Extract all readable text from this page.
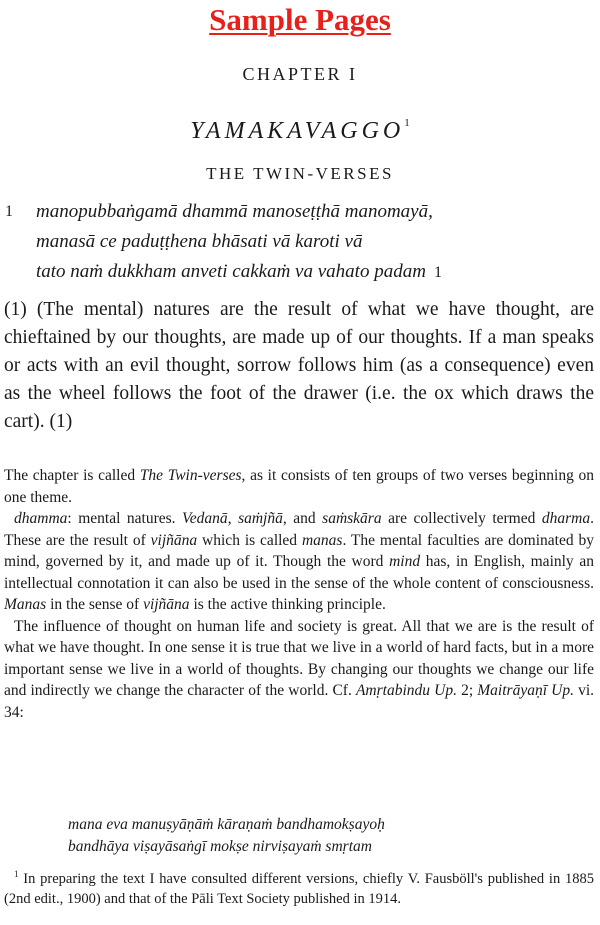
Sample Pages
CHAPTER I
YAMAKAVAGGO$^1$
THE TWIN-VERSES
1 manopubbaṅgamā dhammā manoseṭṭhā manomayā,
manasā ce paduṭṭhena bhāsati vā karoti vā
tato naṁ dukkham anveti cakkaṁ va vahato padam 1

(1) (The mental) natures are the result of what we have thought, are chieftained by our thoughts, are made up of our thoughts. If a man speaks or acts with an evil thought, sorrow follows him (as a consequence) even as the wheel follows the foot of the drawer (i.e. the ox which draws the cart). (1)

The chapter is called The Twin-verses, as it consists of ten groups of two verses beginning on one theme.

dhamma: mental natures. Vedanā, saṁjñā, and saṁskāra are collectively termed dharma. These are the result of vijñāna which is called manas. The mental faculties are dominated by mind, governed by it, and made up of it. Though the word mind has, in English, mainly an intellectual connotation it can also be used in the sense of the whole content of consciousness. Manas in the sense of vijñāna is the active thinking principle.

The influence of thought on human life and society is great. All that we are is the result of what we have thought. In one sense it is true that we live in a world of hard facts, but in a more important sense we live in a world of thoughts. By changing our thoughts we change our life and indirectly we change the character of the world. Cf. Amṛtabindu Up. 2; Maitrāyaṇī Up. vi. 34:

mana eva manuṣyāṇāṁ kāraṇaṁ bandhamokṣayoḥ
bandhāya viṣayāsaṅgī mokṣe nirviṣayaṁ smṛtam

$^1$ In preparing the text I have consulted different versions, chiefly V. Fausböll's published in 1885 (2nd edit., 1900) and that of the Pāli Text Society published in 1914.
